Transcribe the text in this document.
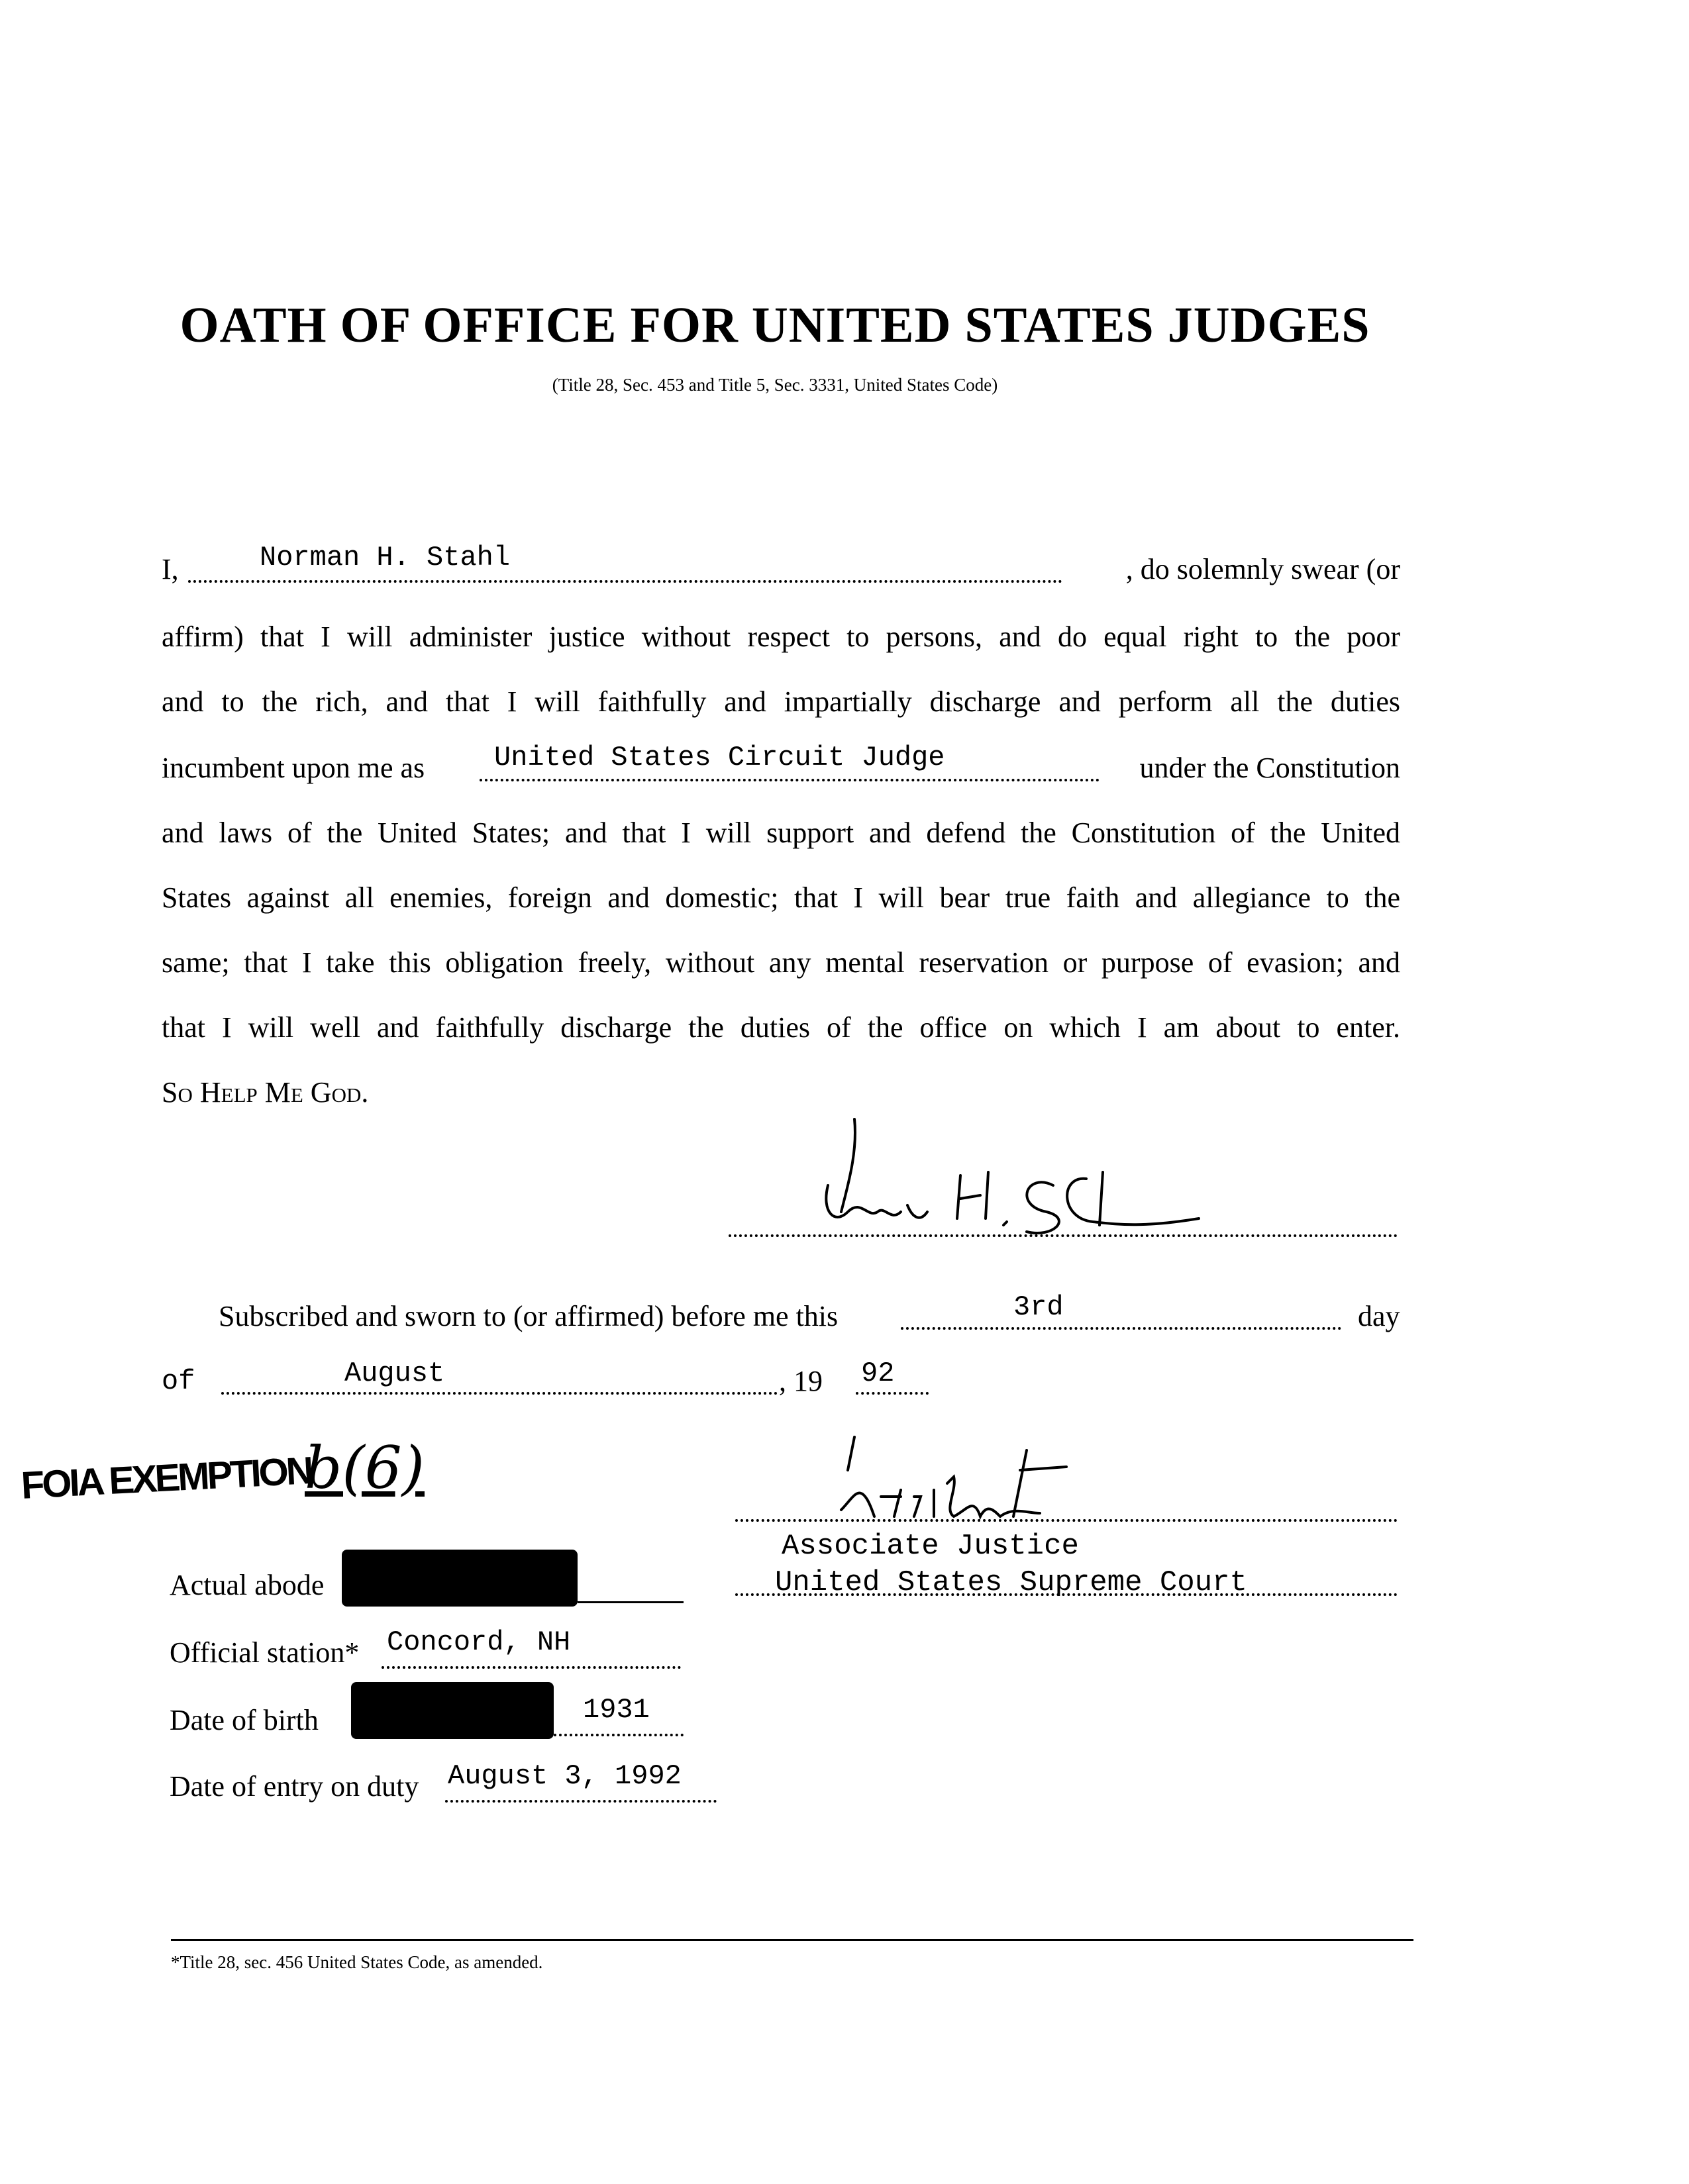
OATH OF OFFICE FOR UNITED STATES JUDGES
(Title 28, Sec. 453 and Title 5, Sec. 3331, United States Code)
I,	Norman H. Stahl	, do solemnly swear (or
affirm) that I will administer justice without respect to persons, and do equal right to the poor
and to the rich, and that I will faithfully and impartially discharge and perform all the duties
incumbent upon me as	United States Circuit Judge	under the Constitution
and laws of the United States; and that I will support and defend the Constitution of the United
States against all enemies, foreign and domestic; that I will bear true faith and allegiance to the
same; that I take this obligation freely, without any mental reservation or purpose of evasion; and
that I will well and faithfully discharge the duties of the office on which I am about to enter.
So Help Me God.
Subscribed and sworn to (or affirmed) before me this	3rd	day
of	August	, 19	92
FOIA EXEMPTION
b(6)
Associate Justice
United States Supreme Court
Actual abode
Official station* Concord, NH
Date of birth	1931
Date of entry on duty August 3, 1992
*Title 28, sec. 456 United States Code, as amended.
